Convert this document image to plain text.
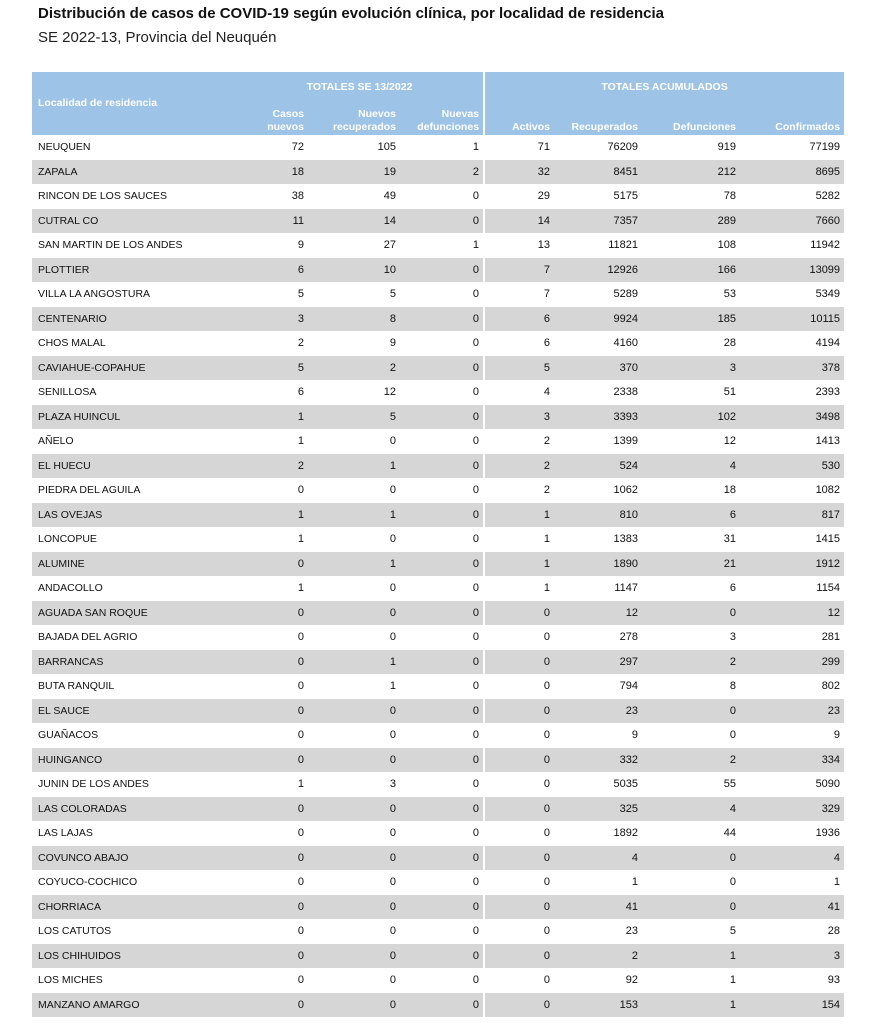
Distribución de casos de COVID-19 según evolución clínica, por localidad de residencia
SE 2022-13, Provincia del Neuquén
Localidad de residencia	TOTALES SE 13/2022			TOTALES ACUMULADOS			
	Casos nuevos	Nuevos recuperados	Nuevas defunciones	Activos	Recuperados	Defunciones	Confirmados
NEUQUEN	72	105	1	71	76209	919	77199
ZAPALA	18	19	2	32	8451	212	8695
RINCON DE LOS SAUCES	38	49	0	29	5175	78	5282
CUTRAL CO	11	14	0	14	7357	289	7660
SAN MARTIN DE LOS ANDES	9	27	1	13	11821	108	11942
PLOTTIER	6	10	0	7	12926	166	13099
VILLA LA ANGOSTURA	5	5	0	7	5289	53	5349
CENTENARIO	3	8	0	6	9924	185	10115
CHOS MALAL	2	9	0	6	4160	28	4194
CAVIAHUE-COPAHUE	5	2	0	5	370	3	378
SENILLOSA	6	12	0	4	2338	51	2393
PLAZA HUINCUL	1	5	0	3	3393	102	3498
AÑELO	1	0	0	2	1399	12	1413
EL HUECU	2	1	0	2	524	4	530
PIEDRA DEL AGUILA	0	0	0	2	1062	18	1082
LAS OVEJAS	1	1	0	1	810	6	817
LONCOPUE	1	0	0	1	1383	31	1415
ALUMINE	0	1	0	1	1890	21	1912
ANDACOLLO	1	0	0	1	1147	6	1154
AGUADA SAN ROQUE	0	0	0	0	12	0	12
BAJADA DEL AGRIO	0	0	0	0	278	3	281
BARRANCAS	0	1	0	0	297	2	299
BUTA RANQUIL	0	1	0	0	794	8	802
EL SAUCE	0	0	0	0	23	0	23
GUAÑACOS	0	0	0	0	9	0	9
HUINGANCO	0	0	0	0	332	2	334
JUNIN DE LOS ANDES	1	3	0	0	5035	55	5090
LAS COLORADAS	0	0	0	0	325	4	329
LAS LAJAS	0	0	0	0	1892	44	1936
COVUNCO ABAJO	0	0	0	0	4	0	4
COYUCO-COCHICO	0	0	0	0	1	0	1
CHORRIACA	0	0	0	0	41	0	41
LOS CATUTOS	0	0	0	0	23	5	28
LOS CHIHUIDOS	0	0	0	0	2	1	3
LOS MICHES	0	0	0	0	92	1	93
MANZANO AMARGO	0	0	0	0	153	1	154
